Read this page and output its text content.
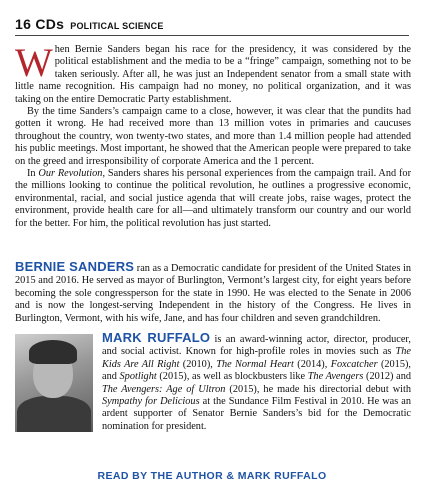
16 CDs POLITICAL SCIENCE

When Bernie Sanders began his race for the presidency, it was considered by the political establishment and the media to be a “fringe” campaign, something not to be taken seriously. After all, he was just an Independent senator from a small state with little name recognition. His campaign had no money, no political organization, and it was taking on the entire Democratic Party establishment.

By the time Sanders’s campaign came to a close, however, it was clear that the pundits had gotten it wrong. He had received more than 13 million votes in primaries and caucuses throughout the country, won twenty-two states, and more than 1.4 million people had attended his public meetings. Most important, he showed that the American people were prepared to take on the greed and irresponsibility of corporate America and the 1 percent.

In Our Revolution, Sanders shares his personal experiences from the campaign trail. And for the millions looking to continue the political revolution, he outlines a progressive economic, environmental, racial, and social justice agenda that will create jobs, raise wages, protect the environment, provide health care for all—and ultimately transform our country and our world for the better. For him, the political revolution has just started.

BERNIE SANDERS ran as a Democratic candidate for president of the United States in 2015 and 2016. He served as mayor of Burlington, Vermont’s largest city, for eight years before becoming the sole congressperson for the state in 1990. He was elected to the Senate in 2006 and is now the longest-serving Independent in the history of the Congress. He lives in Burlington, Vermont, with his wife, Jane, and has four children and seven grandchildren.

MARK RUFFALO is an award-winning actor, director, producer, and social activist. Known for high-profile roles in movies such as The Kids Are All Right (2010), The Normal Heart (2014), Foxcatcher (2015), and Spotlight (2015), as well as blockbusters like The Avengers (2012) and The Avengers: Age of Ultron (2015), he made his directorial debut with Sympathy for Delicious at the Sundance Film Festival in 2010. He was an ardent supporter of Senator Bernie Sanders’s bid for the Democratic nomination for president.
READ BY THE AUTHOR & MARK RUFFALO
